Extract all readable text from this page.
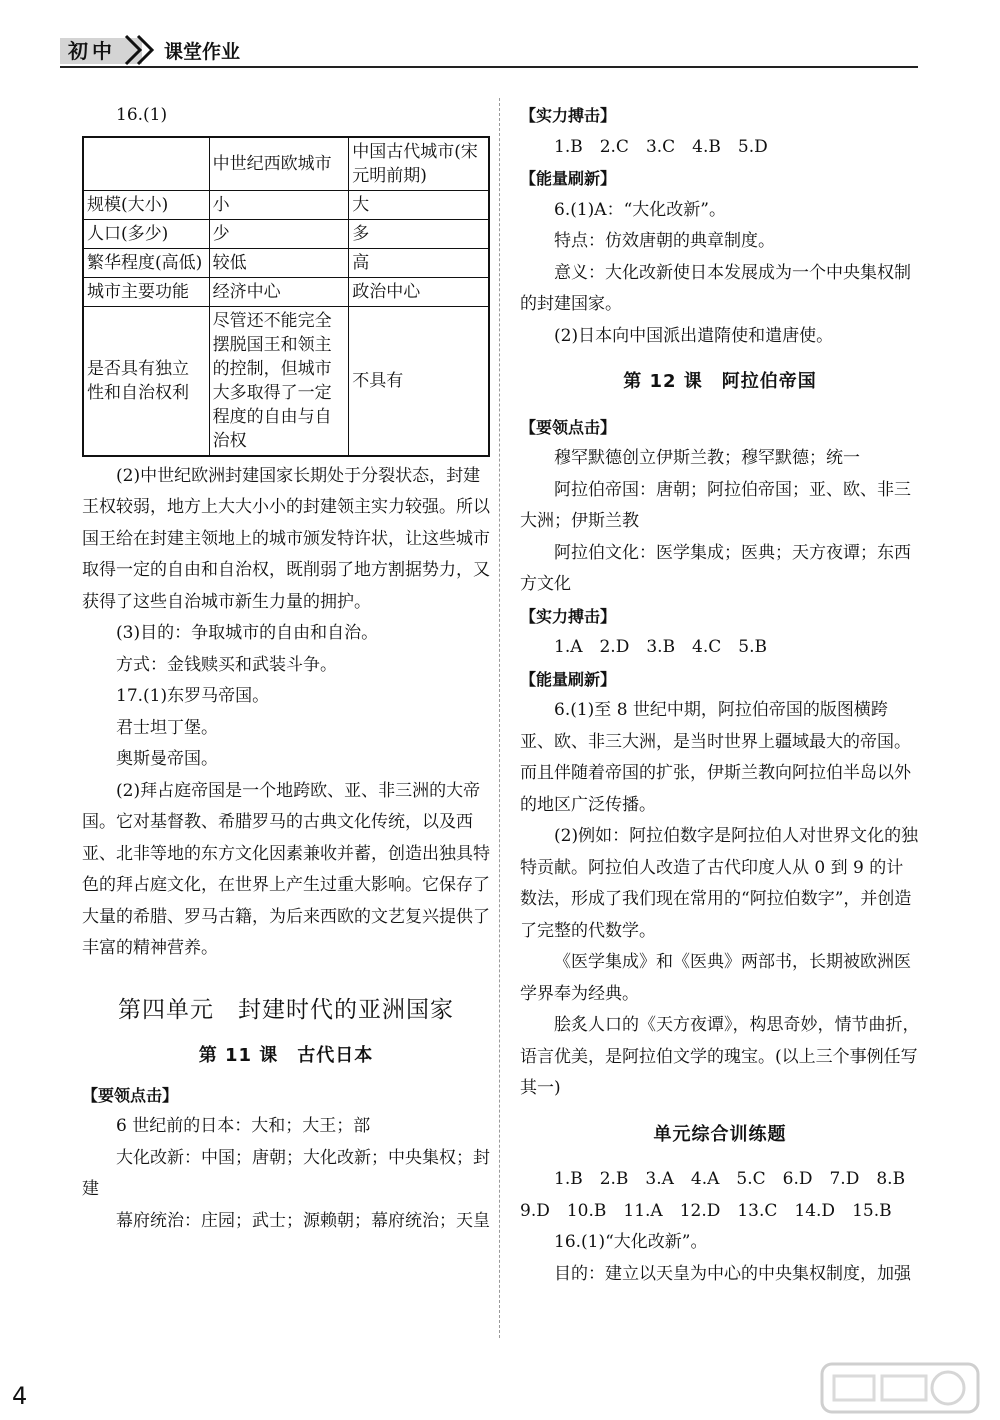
初中	课堂作业

16.(1)

	中世纪西欧城市	中国古代城市(宋元明前期)
规模(大小)	小	大
人口(多少)	少	多
繁华程度(高低)	较低	高
城市主要功能	经济中心	政治中心
是否具有独立性和自治权利	尽管还不能完全摆脱国王和领主的控制，但城市大多取得了一定程度的自由与自治权	不具有

(2)中世纪欧洲封建国家长期处于分裂状态，封建王权较弱，地方上大大小小的封建领主实力较强。所以国王给在封建主领地上的城市颁发特许状，让这些城市取得一定的自由和自治权，既削弱了地方割据势力，又获得了这些自治城市新生力量的拥护。

(3)目的：争取城市的自由和自治。

方式：金钱赎买和武装斗争。

17.(1)东罗马帝国。

君士坦丁堡。

奥斯曼帝国。

(2)拜占庭帝国是一个地跨欧、亚、非三洲的大帝国。它对基督教、希腊罗马的古典文化传统，以及西亚、北非等地的东方文化因素兼收并蓄，创造出独具特色的拜占庭文化，在世界上产生过重大影响。它保存了大量的希腊、罗马古籍，为后来西欧的文艺复兴提供了丰富的精神营养。

第四单元　封建时代的亚洲国家

第 11 课　古代日本

【要领点击】

6 世纪前的日本：大和；大王；部

大化改新：中国；唐朝；大化改新；中央集权；封建

幕府统治：庄园；武士；源赖朝；幕府统治；天皇

【实力搏击】

1.B　2.C　3.C　4.B　5.D

【能量刷新】

6.(1)A：“大化改新”。

特点：仿效唐朝的典章制度。

意义：大化改新使日本发展成为一个中央集权制的封建国家。

(2)日本向中国派出遣隋使和遣唐使。

第 12 课　阿拉伯帝国

【要领点击】

穆罕默德创立伊斯兰教；穆罕默德；统一

阿拉伯帝国：唐朝；阿拉伯帝国；亚、欧、非三大洲；伊斯兰教

阿拉伯文化：医学集成；医典；天方夜谭；东西方文化

【实力搏击】

1.A　2.D　3.B　4.C　5.B

【能量刷新】

6.(1)至 8 世纪中期，阿拉伯帝国的版图横跨亚、欧、非三大洲，是当时世界上疆域最大的帝国。而且伴随着帝国的扩张，伊斯兰教向阿拉伯半岛以外的地区广泛传播。

(2)例如：阿拉伯数字是阿拉伯人对世界文化的独特贡献。阿拉伯人改造了古代印度人从 0 到 9 的计数法，形成了我们现在常用的“阿拉伯数字”，并创造了完整的代数学。

《医学集成》和《医典》两部书，长期被欧洲医学界奉为经典。

脍炙人口的《天方夜谭》，构思奇妙，情节曲折，语言优美，是阿拉伯文学的瑰宝。(以上三个事例任写其一)

单元综合训练题

1.B　2.B　3.A　4.A　5.C　6.D　7.D　8.B

9.D　10.B　11.A　12.D　13.C　14.D　15.B

16.(1)“大化改新”。

目的：建立以天皇为中心的中央集权制度，加强

4
